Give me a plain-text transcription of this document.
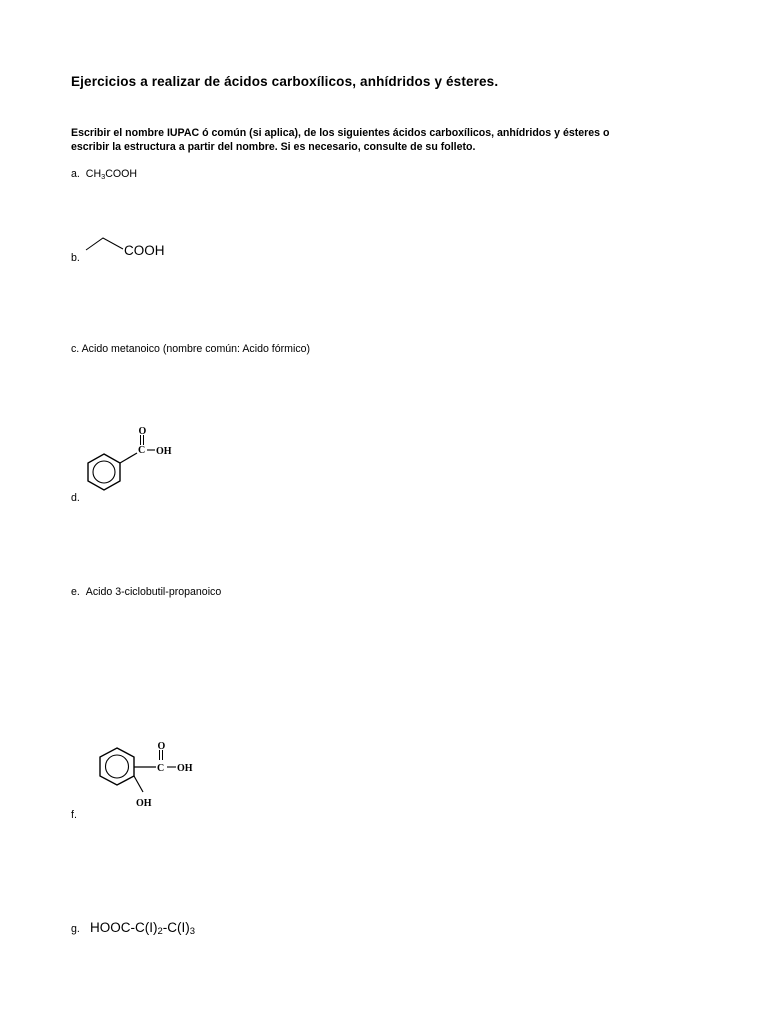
Ejercicios a realizar de ácidos carboxílicos, anhídridos y ésteres.
Escribir el nombre IUPAC ó común (si aplica), de los siguientes ácidos carboxílicos, anhídridos y ésteres o
escribir la estructura a partir del nombre. Si es necesario, consulte de su folleto.
a. $CH_3COOH$
b.	COOH
c. Acido metanoico (nombre común: Acido fórmico)
O
C OH
d.
e. Acido 3-ciclobutil-propanoico
O
C OH
OH
f.
g. HOOC-$C(I)_2-C(I)_3$
